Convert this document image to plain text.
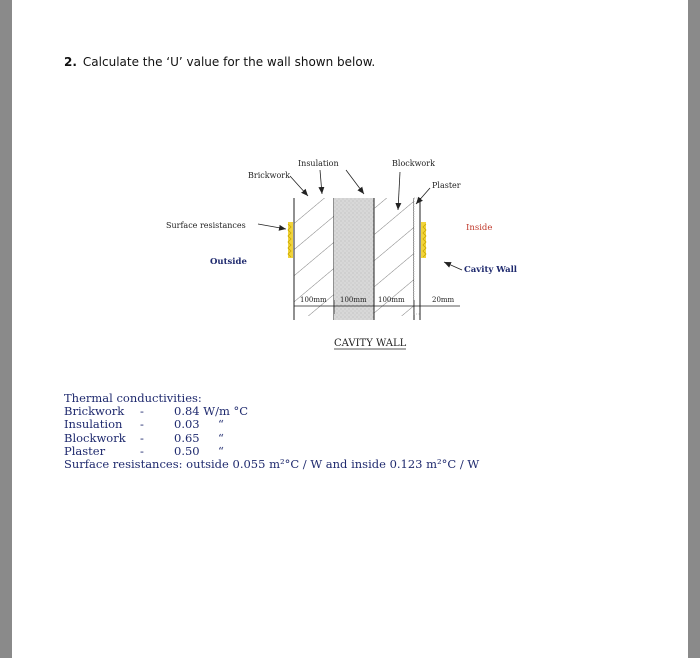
2. Calculate the ‘U’ value for the wall shown below.
100mm 100mm 100mm	20mm
Brickwork
Insulation	Blockwork
Plaster
Surface resistances
Outside
Inside
Cavity Wall
CAVITY WALL
Thermal conductivities:
Brickwork -	0.84 W/m °C
Insulation -	0.03 “
Blockwork -	0.65 “
Plaster	-	0.50 “
Surface resistances: outside 0.055 m²°C / W and inside 0.123 m²°C / W
